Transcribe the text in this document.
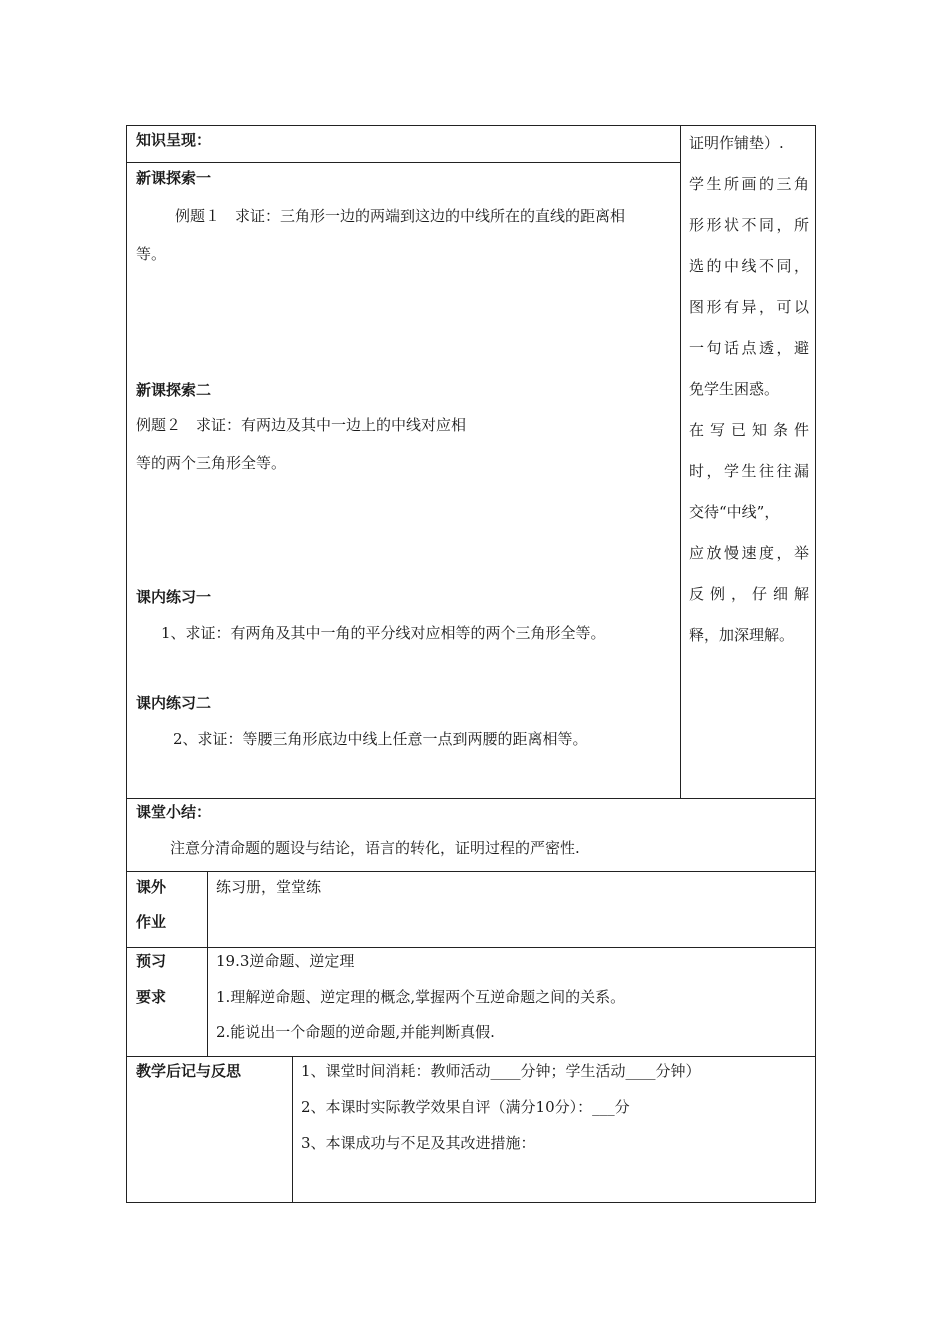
知识呈现：
新课探索一
例题１　求证：三角形一边的两端到这边的中线所在的直线的距离相
等。
新课探索二
例题２　求证：有两边及其中一边上的中线对应相
等的两个三角形全等。
课内练习一
1、求证：有两角及其中一角的平分线对应相等的两个三角形全等。
课内练习二
2、求证：等腰三角形底边中线上任意一点到两腰的距离相等。
证明作铺垫）.
学生所画的三角
形形状不同，所
选的中线不同，
图形有异，可以
一句话点透，避
免学生困惑。
在写已知条件
时，学生往往漏
交待“中线”，
应放慢速度，举
反例，仔细解
释，加深理解。
课堂小结：
注意分清命题的题设与结论，语言的转化，证明过程的严密性.
课外
作业
练习册，堂堂练
预习
要求
19.3逆命题、逆定理
1.理解逆命题、逆定理的概念,掌握两个互逆命题之间的关系。
2.能说出一个命题的逆命题,并能判断真假.
教学后记与反思	1、课堂时间消耗：教师活动____分钟；学生活动____分钟）
2、本课时实际教学效果自评（满分10分）：___分
3、本课成功与不足及其改进措施：
